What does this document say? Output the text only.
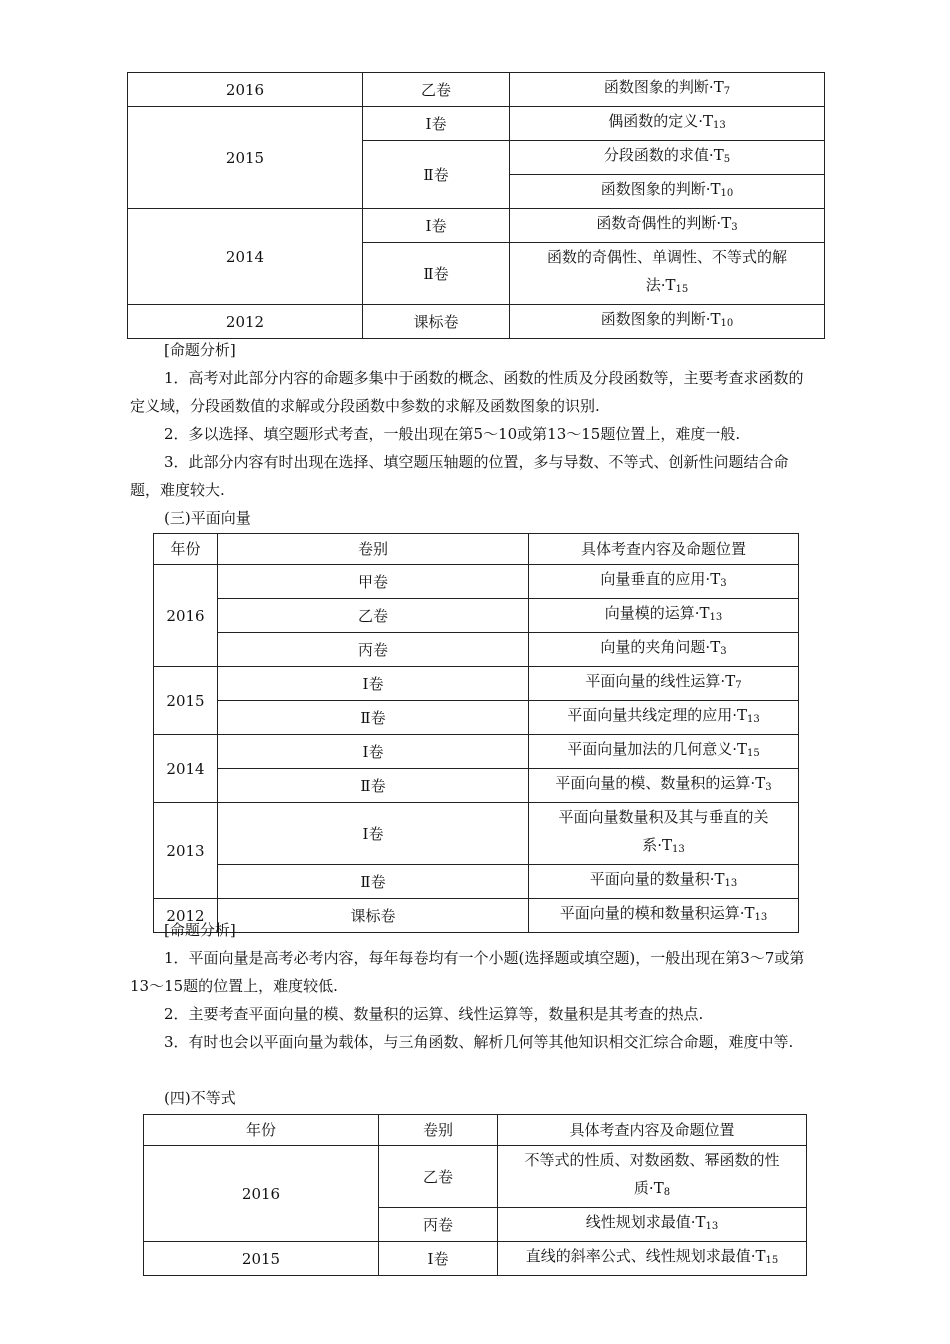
2016	乙卷	函数图象的判断$\cdot T_7$
2015	Ⅰ卷	偶函数的定义$\cdot T_{13}$
	Ⅱ卷	分段函数的求值$\cdot T_5$
		函数图象的判断$\cdot T_{10}$
2014	Ⅰ卷	函数奇偶性的判断$\cdot T_3$
	Ⅱ卷	函数的奇偶性、单调性、不等式的解
法$\cdot T_{15}$
2012	课标卷	函数图象的判断$\cdot T_{10}$
[命题分析]
1．高考对此部分内容的命题多集中于函数的概念、函数的性质及分段函数等，主要考查求函数的定义域，分段函数值的求解或分段函数中参数的求解及函数图象的识别.
2．多以选择、填空题形式考查，一般出现在第5～10或第13～15题位置上，难度一般.
3．此部分内容有时出现在选择、填空题压轴题的位置，多与导数、不等式、创新性问题结合命题，难度较大.
(三)平面向量
年份	卷别	具体考查内容及命题位置
2016	甲卷	向量垂直的应用$\cdot T_3$
	乙卷	向量模的运算$\cdot T_{13}$
	丙卷	向量的夹角问题$\cdot T_3$
2015	Ⅰ卷	平面向量的线性运算$\cdot T_7$
	Ⅱ卷	平面向量共线定理的应用$\cdot T_{13}$
2014	Ⅰ卷	平面向量加法的几何意义$\cdot T_{15}$
	Ⅱ卷	平面向量的模、数量积的运算$\cdot T_3$
2013	Ⅰ卷	平面向量数量积及其与垂直的关
系$\cdot T_{13}$
	Ⅱ卷	平面向量的数量积$\cdot T_{13}$
2012	课标卷	平面向量的模和数量积运算$\cdot T_{13}$
[命题分析]
1．平面向量是高考必考内容，每年每卷均有一个小题(选择题或填空题)，一般出现在第3～7或第13～15题的位置上，难度较低.
2．主要考查平面向量的模、数量积的运算、线性运算等，数量积是其考查的热点.
3．有时也会以平面向量为载体，与三角函数、解析几何等其他知识相交汇综合命题，难度中等.
(四)不等式
年份	卷别	具体考查内容及命题位置
2016	乙卷	不等式的性质、对数函数、幂函数的性
质$\cdot T_8$
	丙卷	线性规划求最值$\cdot T_{13}$
2015	Ⅰ卷	直线的斜率公式、线性规划求最值$\cdot T_{15}$
